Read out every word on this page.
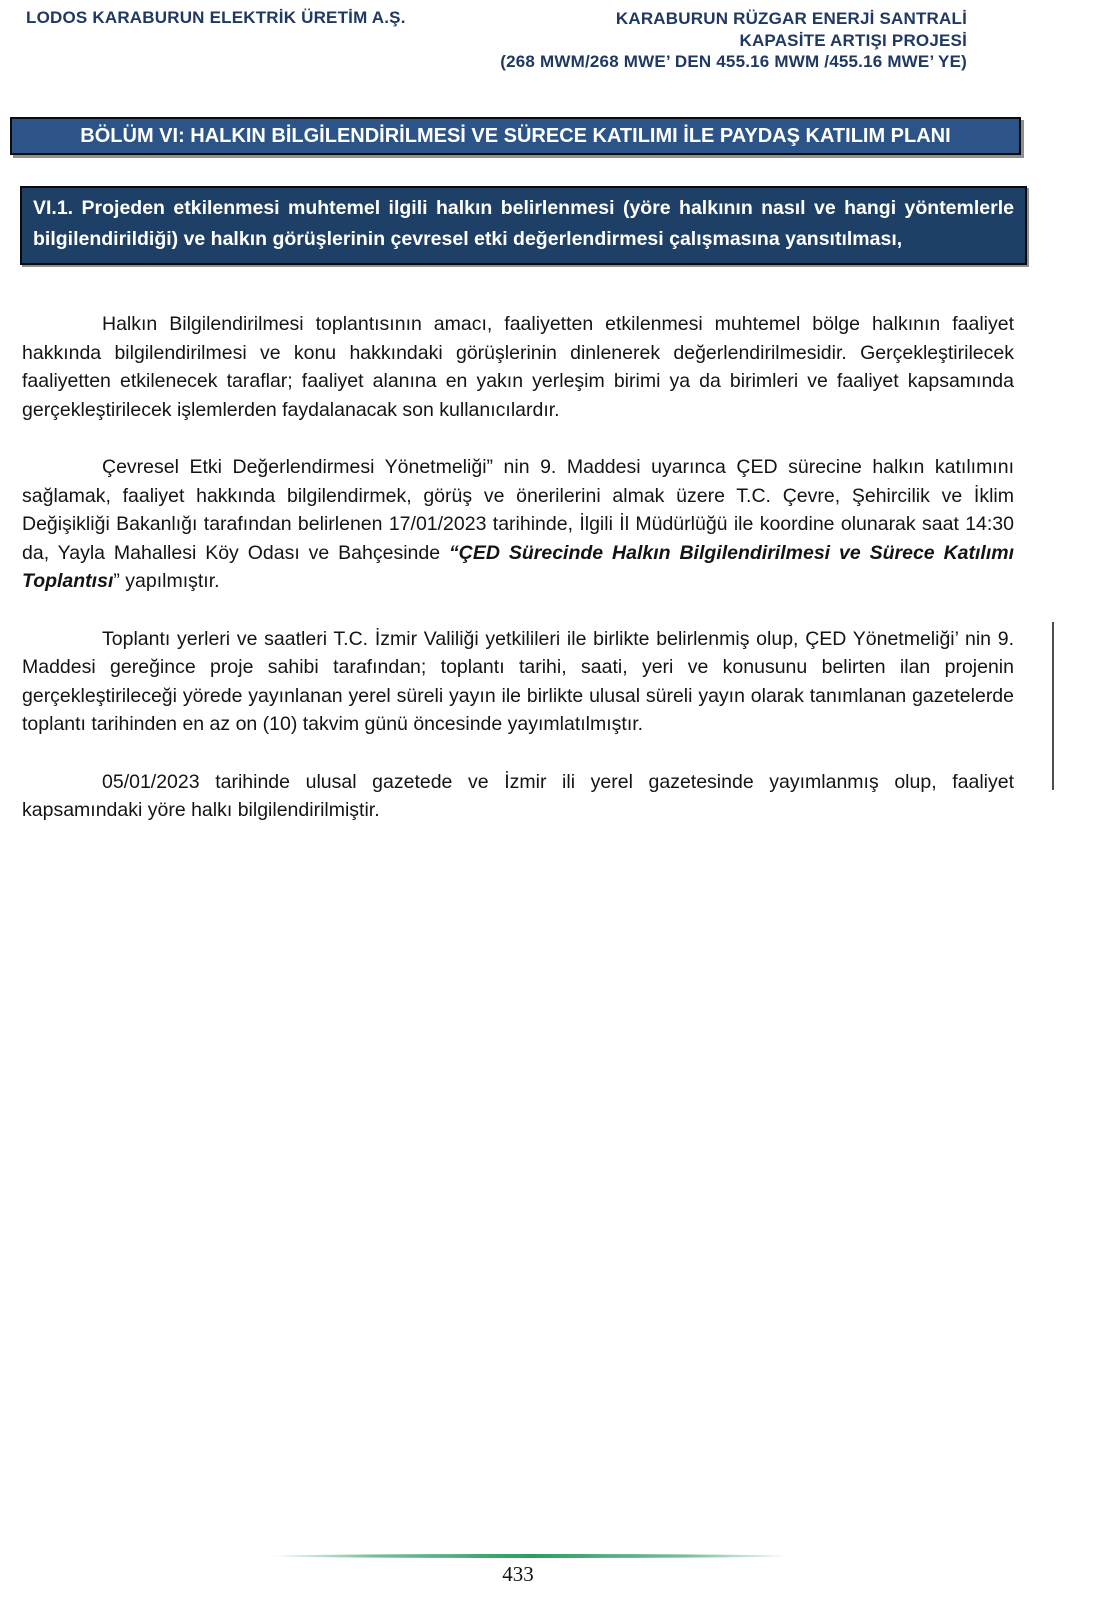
LODOS KARABURUN ELEKTRİK ÜRETİM A.Ş.	KARABURUN RÜZGAR ENERJİ SANTRALİ
KAPASİTE ARTIŞI PROJESİ
(268 MWM/268 MWE’ DEN 455.16 MWM /455.16 MWE’ YE)
BÖLÜM VI: HALKIN BİLGİLENDİRİLMESİ VE SÜRECE KATILIMI İLE PAYDAŞ KATILIM PLANI
VI.1. Projeden etkilenmesi muhtemel ilgili halkın belirlenmesi (yöre halkının nasıl ve hangi yöntemlerle bilgilendirildiği) ve halkın görüşlerinin çevresel etki değerlendirmesi çalışmasına yansıtılması,

Halkın Bilgilendirilmesi toplantısının amacı, faaliyetten etkilenmesi muhtemel bölge halkının faaliyet hakkında bilgilendirilmesi ve konu hakkındaki görüşlerinin dinlenerek değerlendirilmesidir. Gerçekleştirilecek faaliyetten etkilenecek taraflar; faaliyet alanına en yakın yerleşim birimi ya da birimleri ve faaliyet kapsamında gerçekleştirilecek işlemlerden faydalanacak son kullanıcılardır.

Çevresel Etki Değerlendirmesi Yönetmeliği” nin 9. Maddesi uyarınca ÇED sürecine halkın katılımını sağlamak, faaliyet hakkında bilgilendirmek, görüş ve önerilerini almak üzere T.C. Çevre, Şehircilik ve İklim Değişikliği Bakanlığı tarafından belirlenen 17/01/2023 tarihinde, İlgili İl Müdürlüğü ile koordine olunarak saat 14:30 da, Yayla Mahallesi Köy Odası ve Bahçesinde “ÇED Sürecinde Halkın Bilgilendirilmesi ve Sürece Katılımı Toplantısı” yapılmıştır.

Toplantı yerleri ve saatleri T.C. İzmir Valiliği yetkilileri ile birlikte belirlenmiş olup, ÇED Yönetmeliği’ nin 9. Maddesi gereğince proje sahibi tarafından; toplantı tarihi, saati, yeri ve konusunu belirten ilan projenin gerçekleştirileceği yörede yayınlanan yerel süreli yayın ile birlikte ulusal süreli yayın olarak tanımlanan gazetelerde toplantı tarihinden en az on (10) takvim günü öncesinde yayımlatılmıştır.

05/01/2023 tarihinde ulusal gazetede ve İzmir ili yerel gazetesinde yayımlanmış olup, faaliyet kapsamındaki yöre halkı bilgilendirilmiştir.

433
